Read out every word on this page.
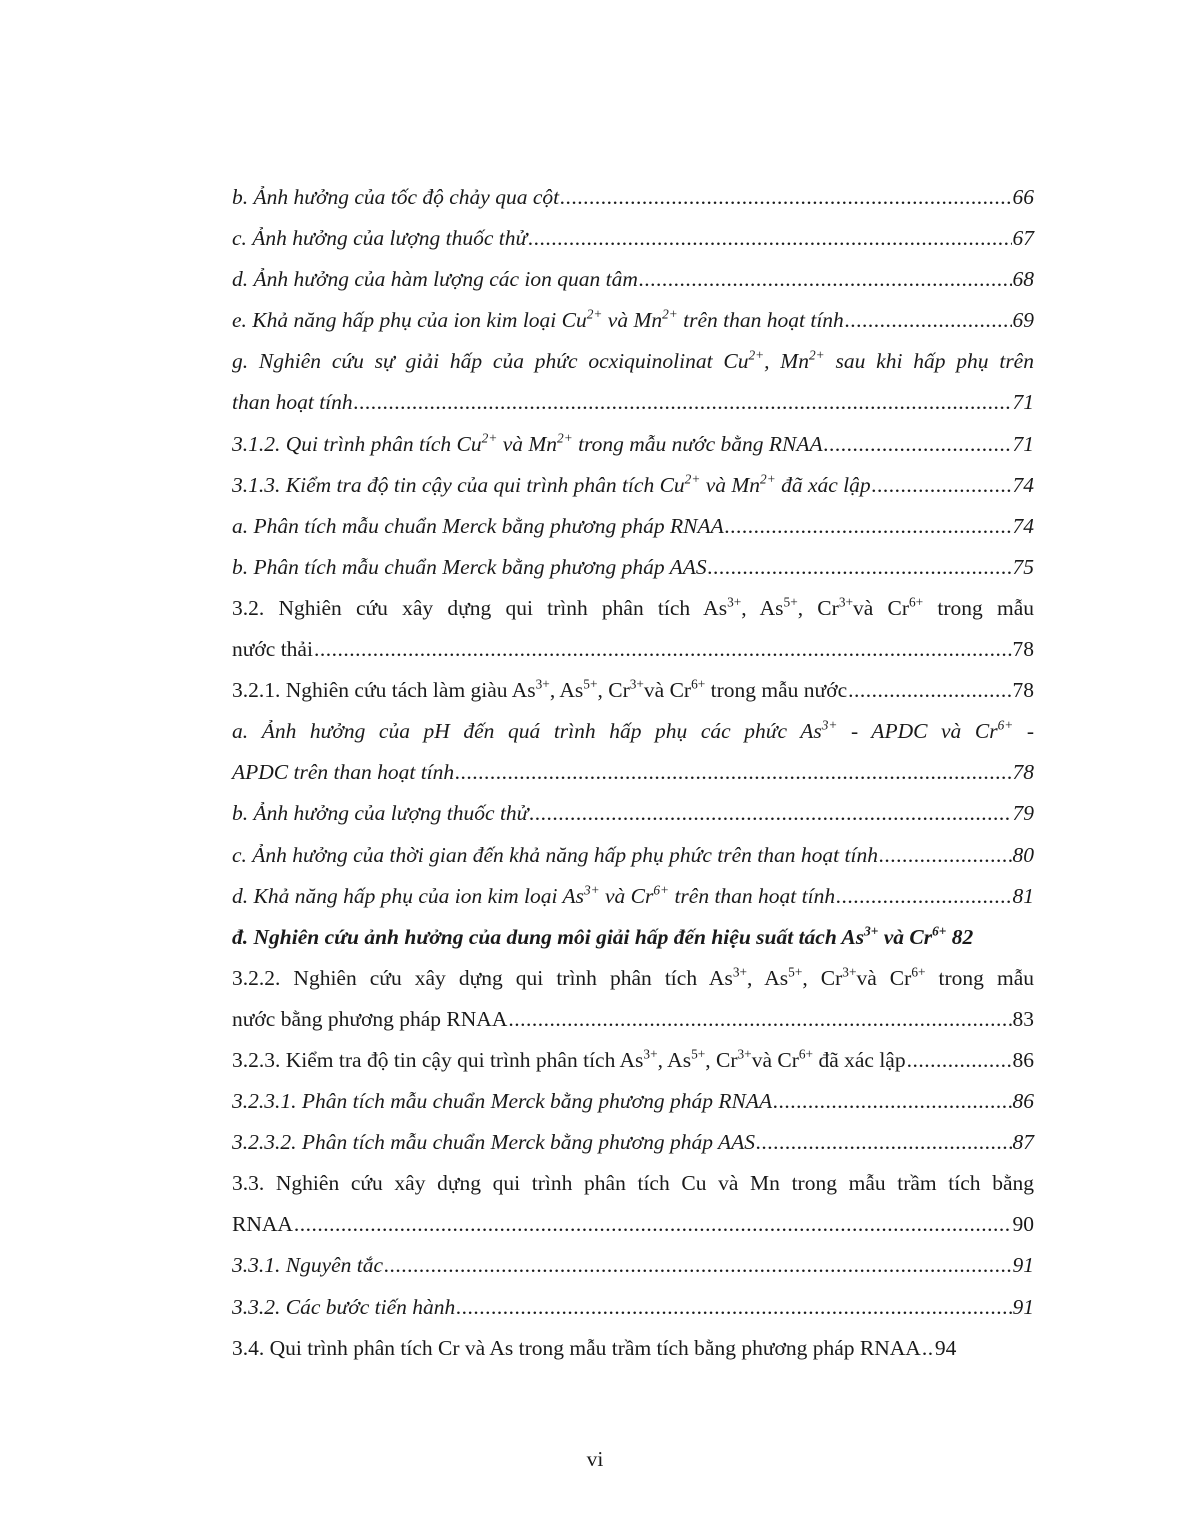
b. Ảnh hưởng của tốc độ chảy qua cột .....	66
c. Ảnh hưởng của lượng thuốc thử .....	67
d. Ảnh hưởng của hàm lượng các ion quan tâm .....	68
e. Khả năng hấp phụ của ion kim loại $Cu^{2+}$ và $Mn^{2+}$ trên than hoạt tính .....	69
g. Nghiên cứu sự giải hấp của phức ocxiquinolinat $Cu^{2+}$, $Mn^{2+}$ sau khi hấp phụ trên
than hoạt tính .....	71
3.1.2. Qui trình phân tích $Cu^{2+}$ và $Mn^{2+}$ trong mẫu nước bằng RNAA .....	71
3.1.3. Kiểm tra độ tin cậy của qui trình phân tích $Cu^{2+}$ và $Mn^{2+}$ đã xác lập .....	74
a. Phân tích mẫu chuẩn Merck bằng phương pháp RNAA .....	74
b. Phân tích mẫu chuẩn Merck bằng phương pháp AAS .....	75
3.2. Nghiên cứu xây dựng qui trình phân tích $As^{3+}$, $As^{5+}$, $Cr^{3+}và$ $Cr^{6+}$ trong mẫu
nước thải .....	78
3.2.1. Nghiên cứu tách làm giàu $As^{3+}$, $As^{5+}$, $Cr^{3+}và$ $Cr^{6+}$ trong mẫu nước .....	78
a. Ảnh hưởng của pH đến quá trình hấp phụ các phức $As^{3+}$ - APDC và $Cr^{6+}$ -
APDC trên than hoạt tính .....	78
b. Ảnh hưởng của lượng thuốc thử .....	79
c. Ảnh hưởng của thời gian đến khả năng hấp phụ phức trên than hoạt tính .....	80
d. Khả năng hấp phụ của ion kim loại $As^{3+}$ và $Cr^{6+}$ trên than hoạt tính .....	81
đ. Nghiên cứu ảnh hưởng của dung môi giải hấp đến hiệu suất tách $As^{3+}$ và $Cr^{6+}$ 82
3.2.2. Nghiên cứu xây dựng qui trình phân tích $As^{3+}$, $As^{5+}$, $Cr^{3+}và$ $Cr^{6+}$ trong mẫu
nước bằng phương pháp RNAA .....	83
3.2.3. Kiểm tra độ tin cậy qui trình phân tích $As^{3+}$, $As^{5+}$, $Cr^{3+}và$ $Cr^{6+}$ đã xác lập .....	86
3.2.3.1. Phân tích mẫu chuẩn Merck bằng phương pháp RNAA .....	86
3.2.3.2. Phân tích mẫu chuẩn Merck bằng phương pháp AAS .....	87
3.3. Nghiên cứu xây dựng qui trình phân tích Cu và Mn trong mẫu trầm tích bằng
RNAA .....	90
3.3.1. Nguyên tắc .....	91
3.3.2. Các bước tiến hành .....	91
3.4. Qui trình phân tích Cr và As trong mẫu trầm tích bằng phương pháp RNAA ..... 94
vi
